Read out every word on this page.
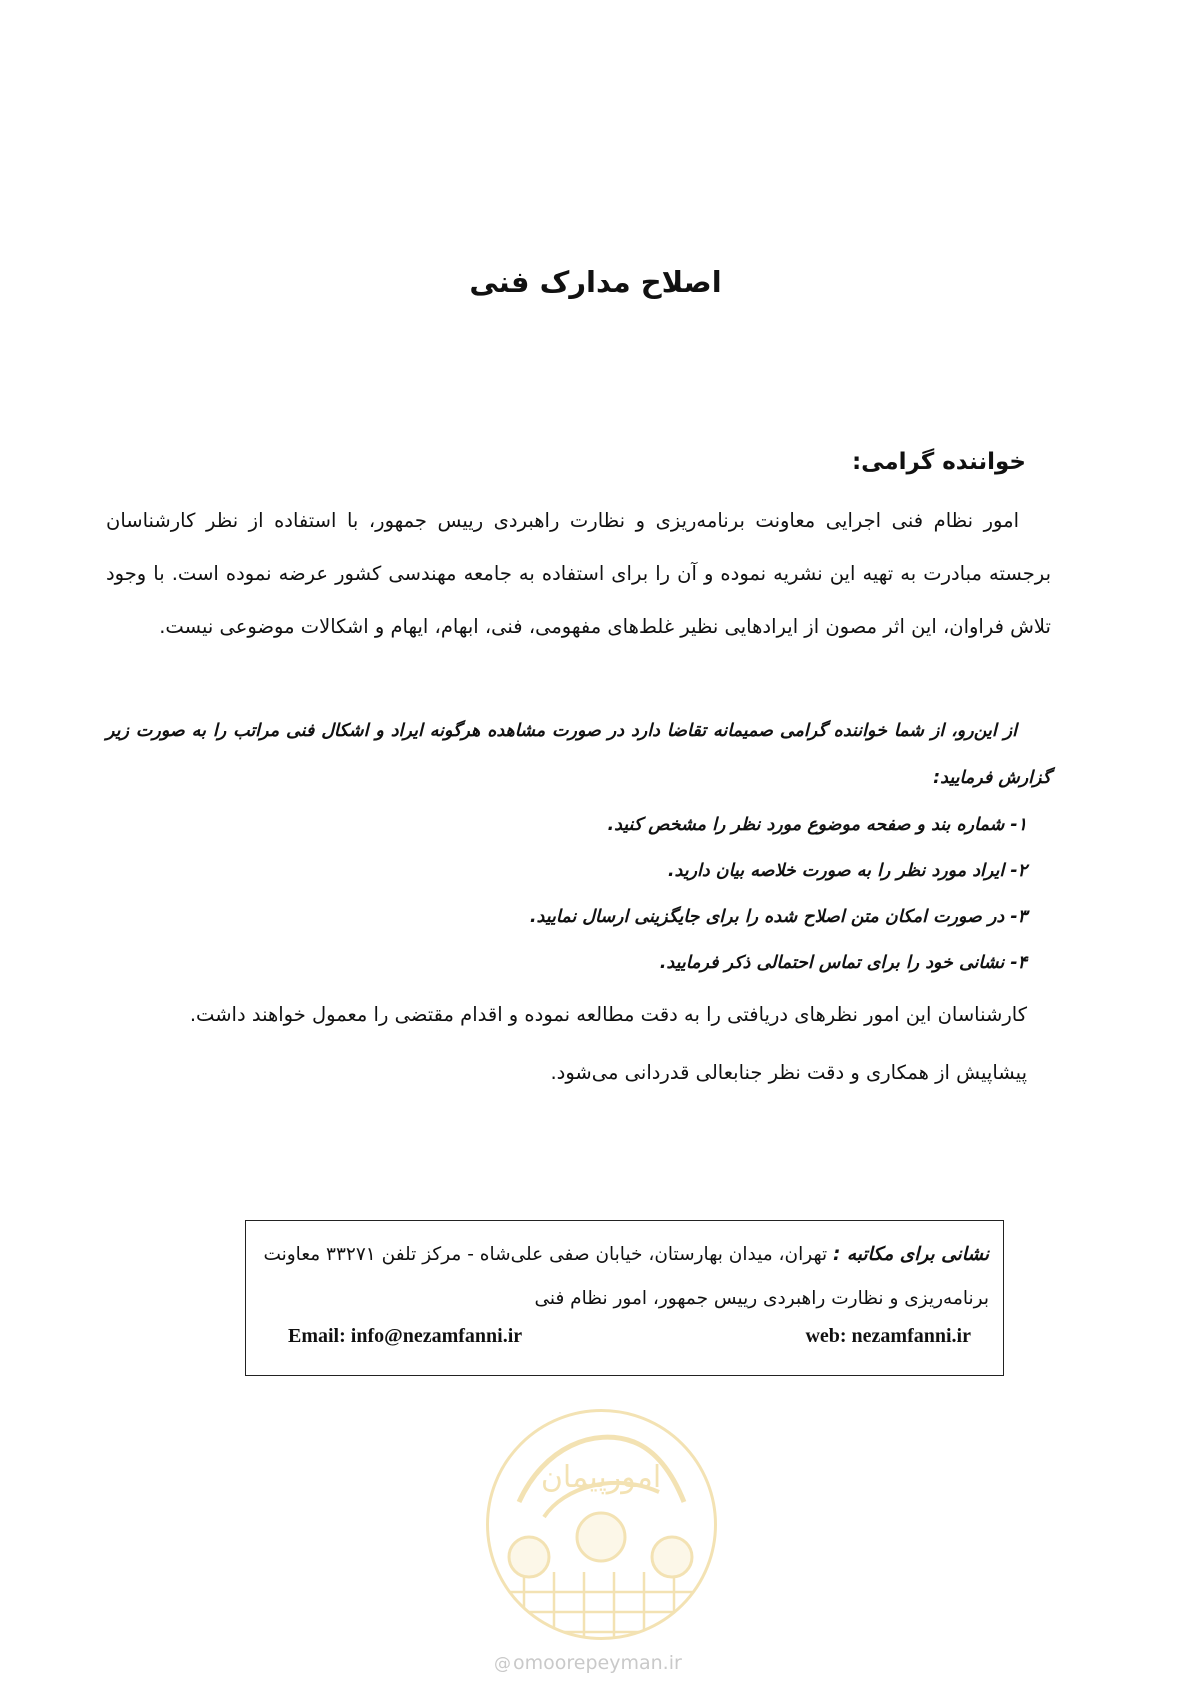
اصلاح مدارک فنی
خواننده گرامی:
امور نظام فنی اجرایی معاونت برنامه‌ریزی و نظارت راهبردی رییس جمهور، با استفاده از نظر کارشناسان برجسته مبادرت به تهیه این نشریه نموده و آن را برای استفاده به جامعه مهندسی کشور عرضه نموده است. با وجود تلاش فراوان، این اثر مصون از ایرادهایی نظیر غلط‌های مفهومی، فنی، ابهام، ایهام و اشکالات موضوعی نیست.
از این‌رو، از شما خواننده گرامی صمیمانه تقاضا دارد در صورت مشاهده هرگونه ایراد و اشکال فنی مراتب را به صورت زیر گزارش فرمایید:
۱- شماره بند و صفحه موضوع مورد نظر را مشخص کنید.
۲- ایراد مورد نظر را به صورت خلاصه بیان دارید.
۳- در صورت امکان متن اصلاح شده را برای جایگزینی ارسال نمایید.
۴- نشانی خود را برای تماس احتمالی ذکر فرمایید.
کارشناسان این امور نظرهای دریافتی را به دقت مطالعه نموده و اقدام مقتضی را معمول خواهند داشت.
پیشاپیش از همکاری و دقت نظر جنابعالی قدردانی می‌شود.
نشانی برای مکاتبه : تهران، میدان بهارستان، خیابان صفی علی‌شاه - مرکز تلفن ۳۳۲۷۱ معاونت برنامه‌ریزی و نظارت راهبردی رییس جمهور، امور نظام فنی
web: nezamfanni.ir
Email: info@nezamfanni.ir
امورپیمان
@ omoorepeyman.ir
